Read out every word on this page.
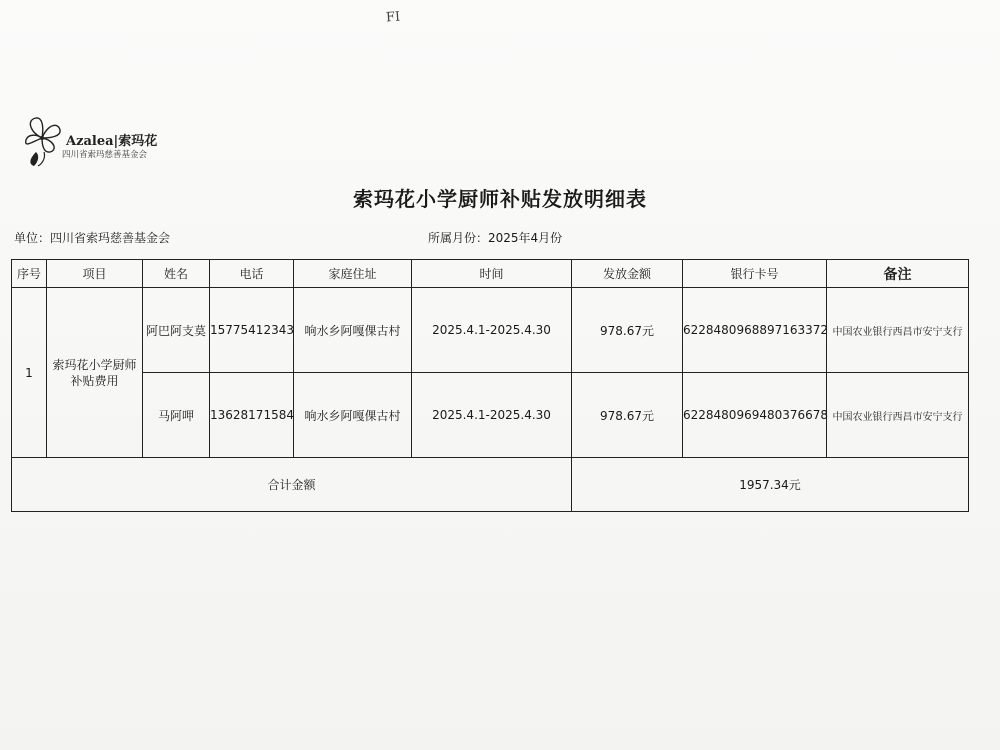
FI
Azalea|索玛花
四川省索玛慈善基金会
索玛花小学厨师补贴发放明细表
单位：四川省索玛慈善基金会	所属月份：2025年4月份
序号	项目	姓名	电话	家庭住址	时间	发放金额	银行卡号	备注
1	索玛花小学厨师补贴费用	阿巴阿支莫	15775412343	响水乡阿嘎倮古村	2025.4.1-2025.4.30	978.67元	6228480968897163372	中国农业银行西昌市安宁支行
		马阿呷	13628171584	响水乡阿嘎倮古村	2025.4.1-2025.4.30	978.67元	6228480969480376678	中国农业银行西昌市安宁支行
合计金额						1957.34元		
